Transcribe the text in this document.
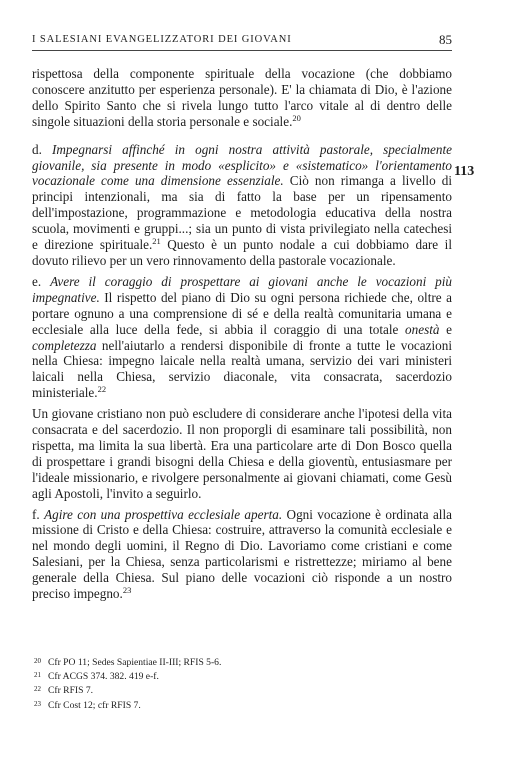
I SALESIANI EVANGELIZZATORI DEI GIOVANI	85
113

rispettosa della componente spirituale della vocazione (che dobbiamo conoscere anzitutto per esperienza personale). E' la chiamata di Dio, è l'azione dello Spirito Santo che si rivela lungo tutto l'arco vitale al di dentro delle singole situazioni della storia personale e sociale.$^{20}$

d. Impegnarsi affinché in ogni nostra attività pastorale, specialmente giovanile, sia presente in modo «esplicito» e «sistematico» l'orientamento vocazionale come una dimensione essenziale. Ciò non rimanga a livello di principi intenzionali, ma sia di fatto la base per un ripensamento dell'impostazione, programmazione e metodologia educativa della nostra scuola, movimenti e gruppi...; sia un punto di vista privilegiato nella catechesi e direzione spirituale.$^{21}$ Questo è un punto nodale a cui dobbiamo dare il dovuto rilievo per un vero rinnovamento della pastorale vocazionale.

e. Avere il coraggio di prospettare ai giovani anche le vocazioni più impegnative. Il rispetto del piano di Dio su ogni persona richiede che, oltre a portare ognuno a una comprensione di sé e della realtà comunitaria umana e ecclesiale alla luce della fede, si abbia il coraggio di una totale onestà e completezza nell'aiutarlo a rendersi disponibile di fronte a tutte le vocazioni nella Chiesa: impegno laicale nella realtà umana, servizio dei vari ministeri laicali nella Chiesa, servizio diaconale, vita consacrata, sacerdozio ministeriale.$^{22}$

Un giovane cristiano non può escludere di considerare anche l'ipotesi della vita consacrata e del sacerdozio. Il non proporgli di esaminare tali possibilità, non rispetta, ma limita la sua libertà. Era una particolare arte di Don Bosco quella di prospettare i grandi bisogni della Chiesa e della gioventù, entusiasmare per l'ideale missionario, e rivolgere personalmente ai giovani chiamati, come Gesù agli Apostoli, l'invito a seguirlo.

f. Agire con una prospettiva ecclesiale aperta. Ogni vocazione è ordinata alla missione di Cristo e della Chiesa: costruire, attraverso la comunità ecclesiale e nel mondo degli uomini, il Regno di Dio. Lavoriamo come cristiani e come Salesiani, per la Chiesa, senza particolarismi e ristrettezze; miriamo al bene generale della Chiesa. Sul piano delle vocazioni ciò risponde a un nostro preciso impegno.$^{23}$

20 Cfr PO 11; Sedes Sapientiae II-III; RFIS 5-6.
21 Cfr ACGS 374. 382. 419 e-f.
22 Cfr RFIS 7.
23 Cfr Cost 12; cfr RFIS 7.
